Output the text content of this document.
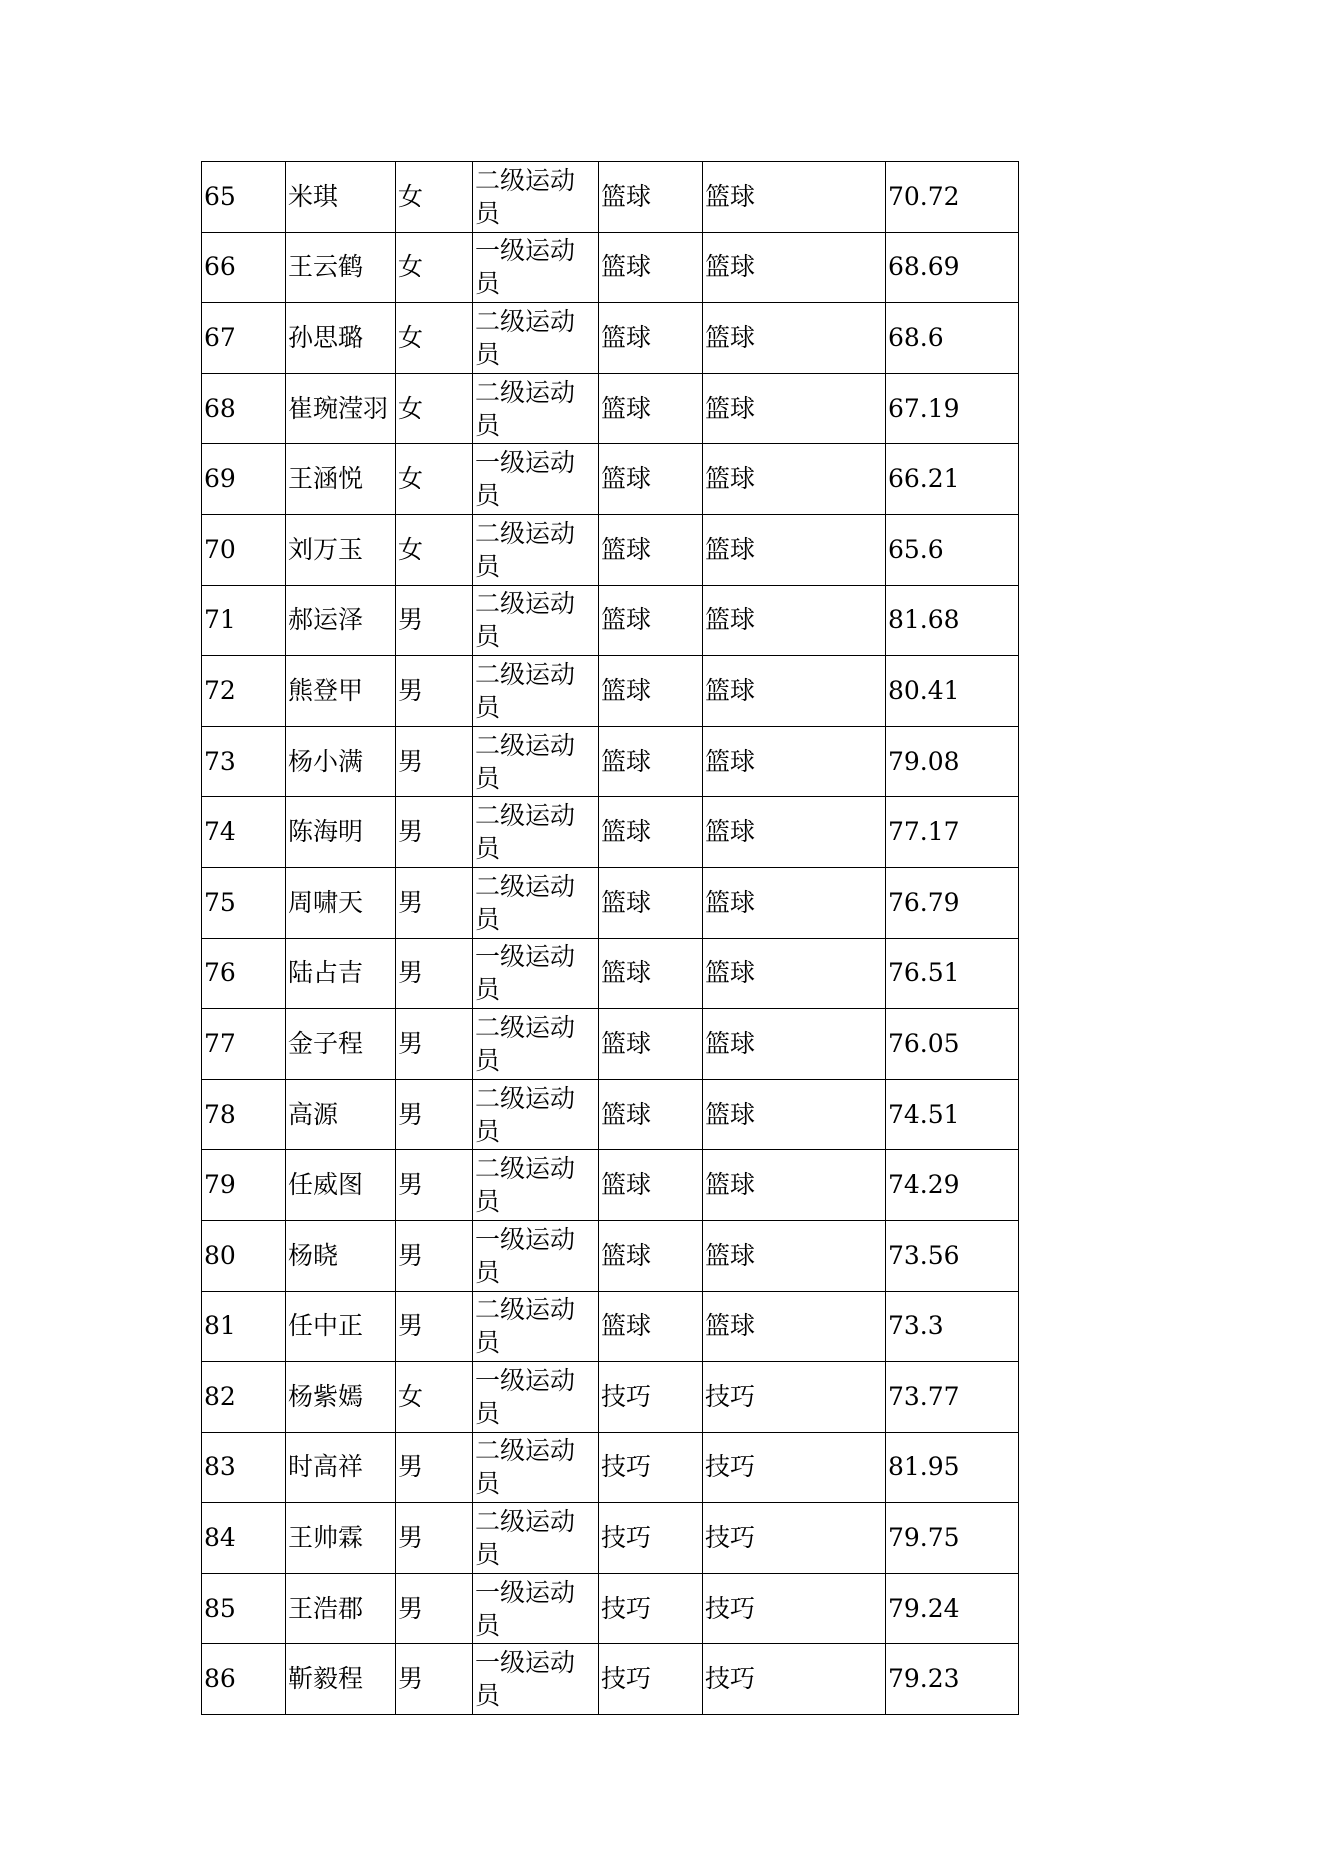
65	米琪	女	二级运动员	篮球	篮球	70.72

66	王云鹤	女	一级运动员	篮球	篮球	68.69

67	孙思璐	女	二级运动员	篮球	篮球	68.6

68	崔琬滢羽	女	二级运动员	篮球	篮球	67.19

69	王涵悦	女	一级运动员	篮球	篮球	66.21

70	刘万玉	女	二级运动员	篮球	篮球	65.6

71	郝运泽	男	二级运动员	篮球	篮球	81.68

72	熊登甲	男	二级运动员	篮球	篮球	80.41

73	杨小满	男	二级运动员	篮球	篮球	79.08

74	陈海明	男	二级运动员	篮球	篮球	77.17

75	周啸天	男	二级运动员	篮球	篮球	76.79

76	陆占吉	男	一级运动员	篮球	篮球	76.51

77	金子程	男	二级运动员	篮球	篮球	76.05

78	高源	男	二级运动员	篮球	篮球	74.51

79	任威图	男	二级运动员	篮球	篮球	74.29

80	杨晓	男	一级运动员	篮球	篮球	73.56

81	任中正	男	二级运动员	篮球	篮球	73.3

82	杨紫嫣	女	一级运动员	技巧	技巧	73.77

83	时高祥	男	二级运动员	技巧	技巧	81.95

84	王帅霖	男	二级运动员	技巧	技巧	79.75

85	王浩郡	男	一级运动员	技巧	技巧	79.24

86	靳毅程	男	一级运动员	技巧	技巧	79.23
